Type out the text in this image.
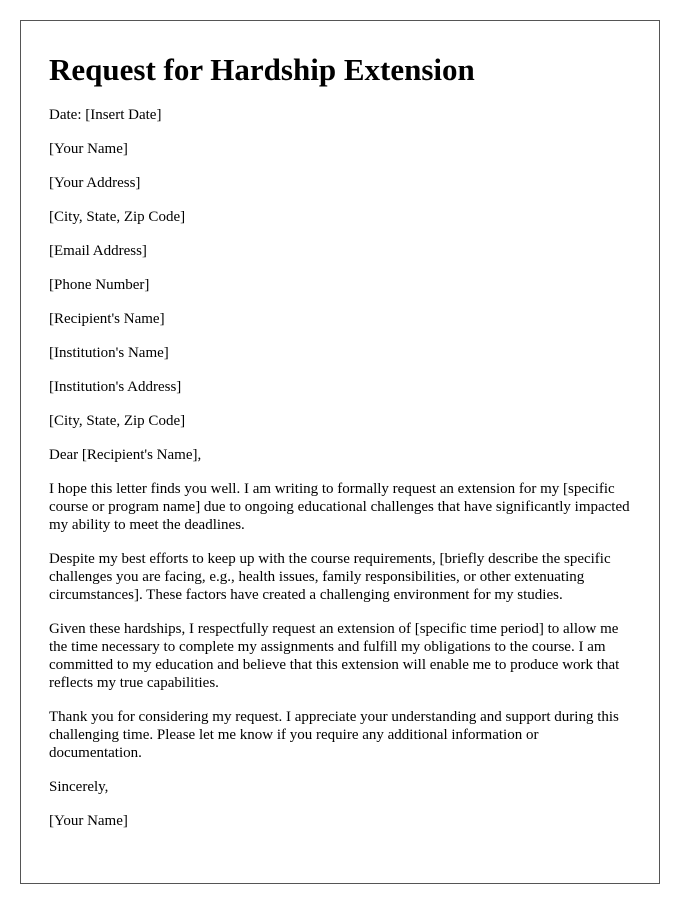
Request for Hardship Extension
Date: [Insert Date]
[Your Name]
[Your Address]
[City, State, Zip Code]
[Email Address]
[Phone Number]
[Recipient's Name]
[Institution's Name]
[Institution's Address]
[City, State, Zip Code]
Dear [Recipient's Name],

I hope this letter finds you well. I am writing to formally request an extension for my [specific course or program name] due to ongoing educational challenges that have significantly impacted my ability to meet the deadlines.

Despite my best efforts to keep up with the course requirements, [briefly describe the specific challenges you are facing, e.g., health issues, family responsibilities, or other extenuating circumstances]. These factors have created a challenging environment for my studies.

Given these hardships, I respectfully request an extension of [specific time period] to allow me the time necessary to complete my assignments and fulfill my obligations to the course. I am committed to my education and believe that this extension will enable me to produce work that reflects my true capabilities.

Thank you for considering my request. I appreciate your understanding and support during this challenging time. Please let me know if you require any additional information or documentation.

Sincerely,
[Your Name]
